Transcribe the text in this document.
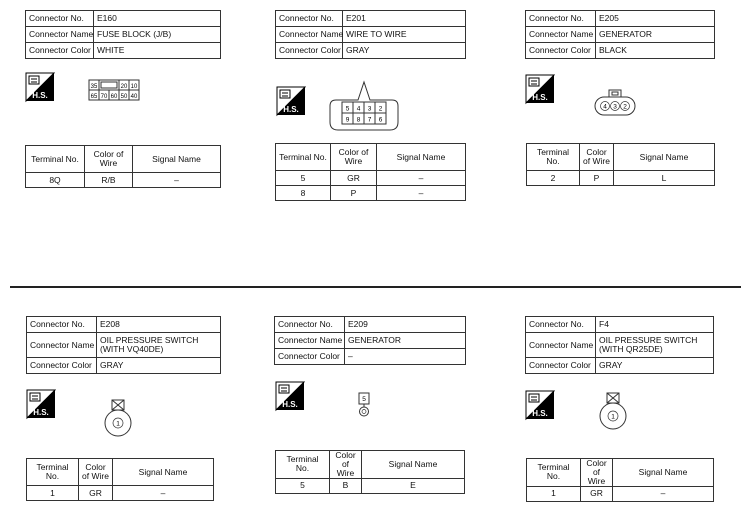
Connector No.	E160
Connector Name	FUSE BLOCK (J/B)
Connector Color	WHITE
H.S.
35	20 10
65 70 60 50 40
Terminal No.	Color of Wire	Signal Name
8Q	R/B	–
Connector No.	E201
Connector Name	WIRE TO WIRE
Connector Color	GRAY
H.S.	5 4 3 2
9 8 7 6
Terminal No.	Color of Wire	Signal Name
5	GR	–
8	P	–
Connector No.	E205
Connector Name	GENERATOR
Connector Color	BLACK
H.S.
4 3 2
Terminal No.	Color of Wire	Signal Name
2	P	L
Connector No.	E208
Connector Name	OIL PRESSURE SWITCH (WITH VQ40DE)
Connector Color	GRAY
H.S.
1
Terminal No.	Color of Wire	Signal Name
1	GR	–
Connector No.	E209
Connector Name	GENERATOR
Connector Color	–
H.S.
5
Terminal No.	Color of Wire	Signal Name
5	B	E
Connector No.	F4
Connector Name	OIL PRESSURE SWITCH (WITH QR25DE)
Connector Color	GRAY
H.S.	1
Terminal No.	Color of Wire	Signal Name
1	GR	–
